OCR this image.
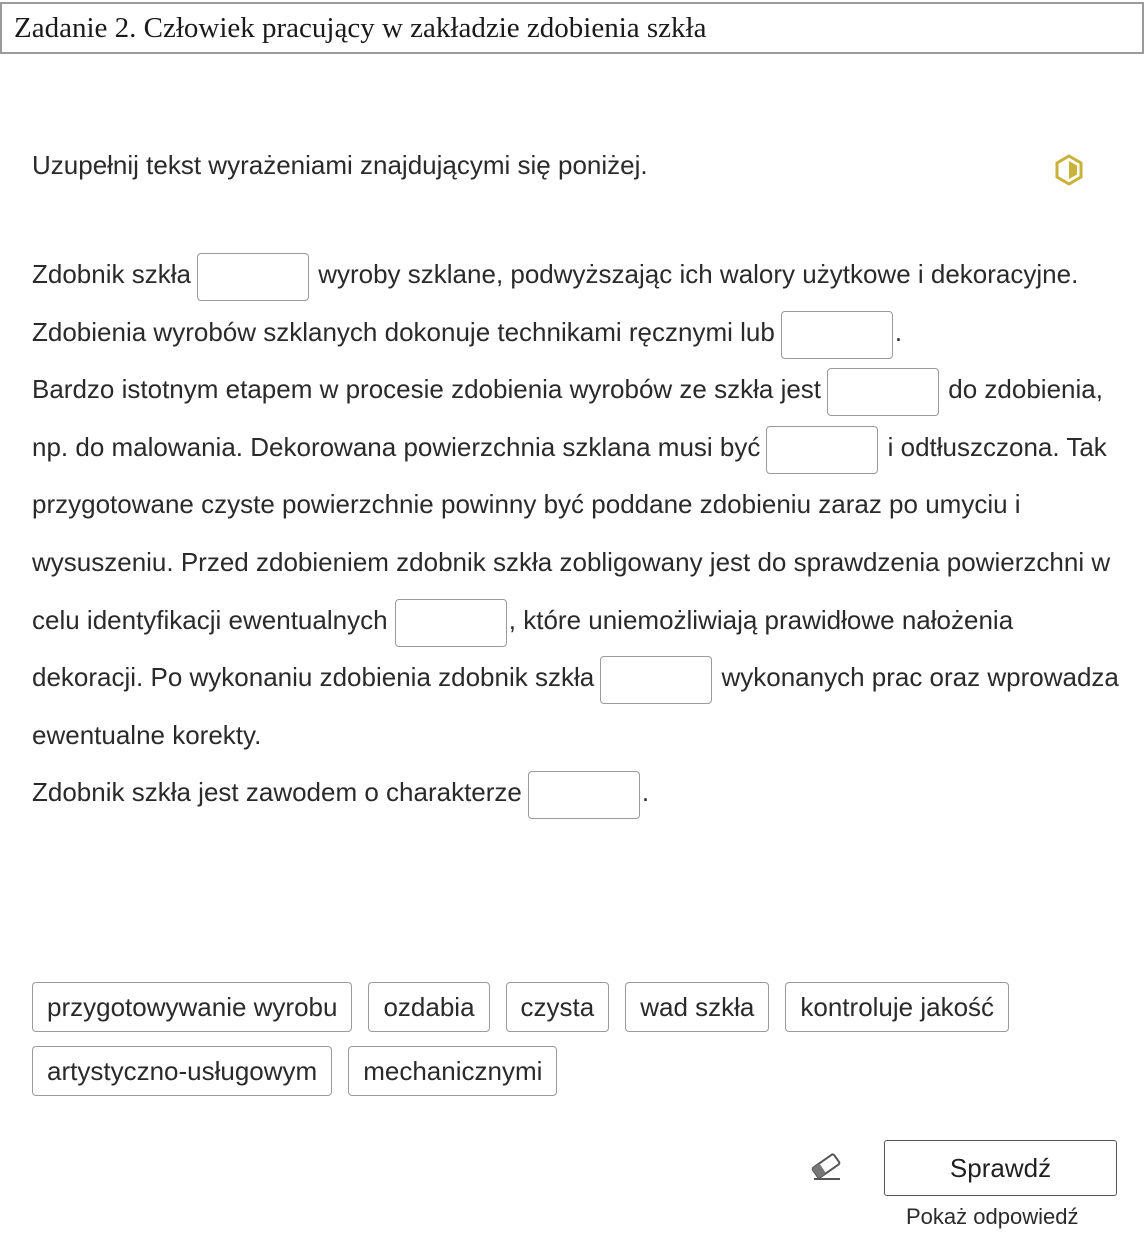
Zadanie 2. Człowiek pracujący w zakładzie zdobienia szkła
Uzupełnij tekst wyrażeniami znajdującymi się poniżej.

Zdobnik szkła	wyroby szklane, podwyższając ich walory użytkowe i dekoracyjne.

Zdobienia wyrobów szklanych dokonuje technikami ręcznymi lub	.

Bardzo istotnym etapem w procesie zdobienia wyrobów ze szkła jest	do zdobienia, np. do malowania. Dekorowana powierzchnia szklana musi być	i odtłuszczona. Tak przygotowane czyste powierzchnie powinny być poddane zdobieniu zaraz po umyciu i wysuszeniu. Przed zdobieniem zdobnik szkła zobligowany jest do sprawdzenia powierzchni w celu identyfikacji ewentualnych	, które uniemożliwiają prawidłowe nałożenia dekoracji. Po wykonaniu zdobienia zdobnik szkła	wykonanych prac oraz wprowadza ewentualne korekty.

Zdobnik szkła jest zawodem o charakterze	.

przygotowywanie wyrobu	ozdabia	czysta	wad szkła	kontroluje jakość
artystyczno-usługowym	mechanicznymi
Sprawdź
Pokaż odpowiedź
